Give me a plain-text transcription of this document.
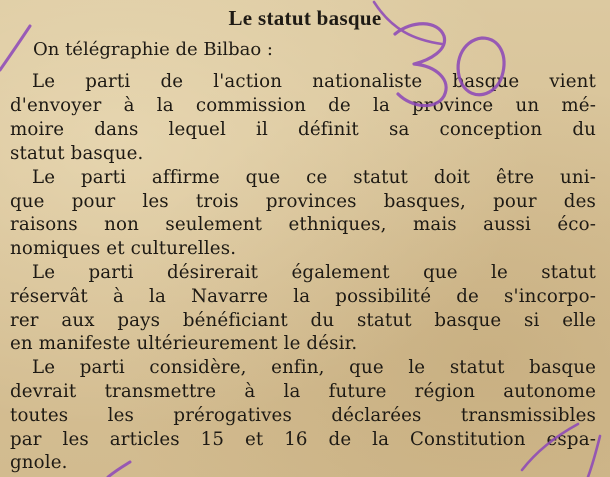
Le statut basque
On télégraphie de Bilbao :
Le parti de l'action nationaliste basque vient
d'envoyer à la commission de la province un mé-
moire dans lequel il définit sa conception du
statut basque.
Le parti affirme que ce statut doit être uni-
que pour les trois provinces basques, pour des
raisons non seulement ethniques, mais aussi éco-
nomiques et culturelles.
Le parti désirerait également que le statut
réservât à la Navarre la possibilité de s'incorpo-
rer aux pays bénéficiant du statut basque si elle
en manifeste ultérieurement le désir.
Le parti considère, enfin, que le statut basque
devrait transmettre à la future région autonome
toutes les prérogatives déclarées transmissibles
par les articles 15 et 16 de la Constitution espa-
gnole.
